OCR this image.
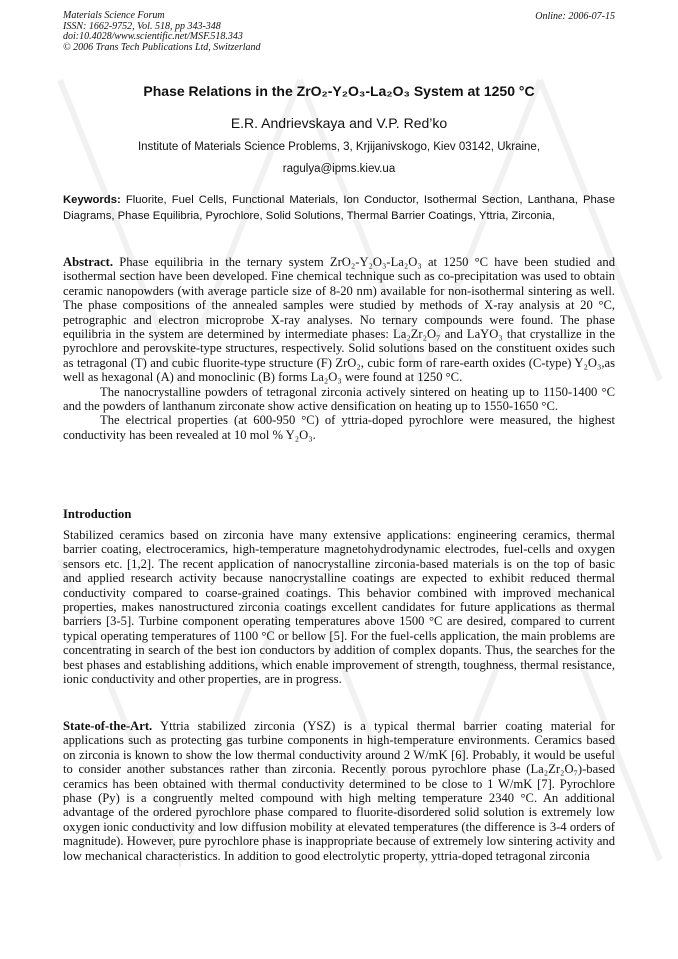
Materials Science Forum
ISSN: 1662-9752, Vol. 518, pp 343-348
doi:10.4028/www.scientific.net/MSF.518.343
© 2006 Trans Tech Publications Ltd, Switzerland
Online: 2006-07-15
Phase Relations in the ZrO₂-Y₂O₃-La₂O₃ System at 1250 °C
E.R. Andrievskaya and V.P. Red’ko
Institute of Materials Science Problems, 3, Krjijanivskogo, Kiev 03142, Ukraine,
ragulya@ipms.kiev.ua
Keywords: Fluorite, Fuel Cells, Functional Materials, Ion Conductor, Isothermal Section, Lanthana, Phase Diagrams, Phase Equilibria, Pyrochlore, Solid Solutions, Thermal Barrier Coatings, Yttria, Zirconia,

Abstract. Phase equilibria in the ternary system ZrO₂-Y₂O₃-La₂O₃ at 1250 °C have been studied and isothermal section have been developed. Fine chemical technique such as co-precipitation was used to obtain ceramic nanopowders (with average particle size of 8-20 nm) available for non-isothermal sintering as well. The phase compositions of the annealed samples were studied by methods of X-ray analysis at 20 °C, petrographic and electron microprobe X-ray analyses. No ternary compounds were found. The phase equilibria in the system are determined by intermediate phases: La₂Zr₂O₇ and LaYO₃ that crystallize in the pyrochlore and perovskite-type structures, respectively. Solid solutions based on the constituent oxides such as tetragonal (T) and cubic fluorite-type structure (F) ZrO₂, cubic form of rare-earth oxides (C-type) Y₂O₃,as well as hexagonal (A) and monoclinic (B) forms La₂O₃ were found at 1250 °C.

The nanocrystalline powders of tetragonal zirconia actively sintered on heating up to 1150-1400 °C and the powders of lanthanum zirconate show active densification on heating up to 1550-1650 °C.

The electrical properties (at 600-950 °C) of yttria-doped pyrochlore were measured, the highest conductivity has been revealed at 10 mol % Y₂O₃.

Introduction
Stabilized ceramics based on zirconia have many extensive applications: engineering ceramics, thermal barrier coating, electroceramics, high-temperature magnetohydrodynamic electrodes, fuel-cells and oxygen sensors etc. [1,2]. The recent application of nanocrystalline zirconia-based materials is on the top of basic and applied research activity because nanocrystalline coatings are expected to exhibit reduced thermal conductivity compared to coarse-grained coatings. This behavior combined with improved mechanical properties, makes nanostructured zirconia coatings excellent candidates for future applications as thermal barriers [3-5]. Turbine component operating temperatures above 1500 °C are desired, compared to current typical operating temperatures of 1100 °C or bellow [5]. For the fuel-cells application, the main problems are concentrating in search of the best ion conductors by addition of complex dopants. Thus, the searches for the best phases and establishing additions, which enable improvement of strength, toughness, thermal resistance, ionic conductivity and other properties, are in progress.
State-of-the-Art. Yttria stabilized zirconia (YSZ) is a typical thermal barrier coating material for applications such as protecting gas turbine components in high-temperature environments. Ceramics based on zirconia is known to show the low thermal conductivity around 2 W/mK [6]. Probably, it would be useful to consider another substances rather than zirconia. Recently porous pyrochlore phase (La₂Zr₂O₇)-based ceramics has been obtained with thermal conductivity determined to be close to 1 W/mK [7]. Pyrochlore phase (Py) is a congruently melted compound with high melting temperature 2340 °C. An additional advantage of the ordered pyrochlore phase compared to fluorite-disordered solid solution is extremely low oxygen ionic conductivity and low diffusion mobility at elevated temperatures (the difference is 3-4 orders of magnitude). However, pure pyrochlore phase is inappropriate because of extremely low sintering activity and low mechanical characteristics. In addition to good electrolytic property, yttria-doped tetragonal zirconia
